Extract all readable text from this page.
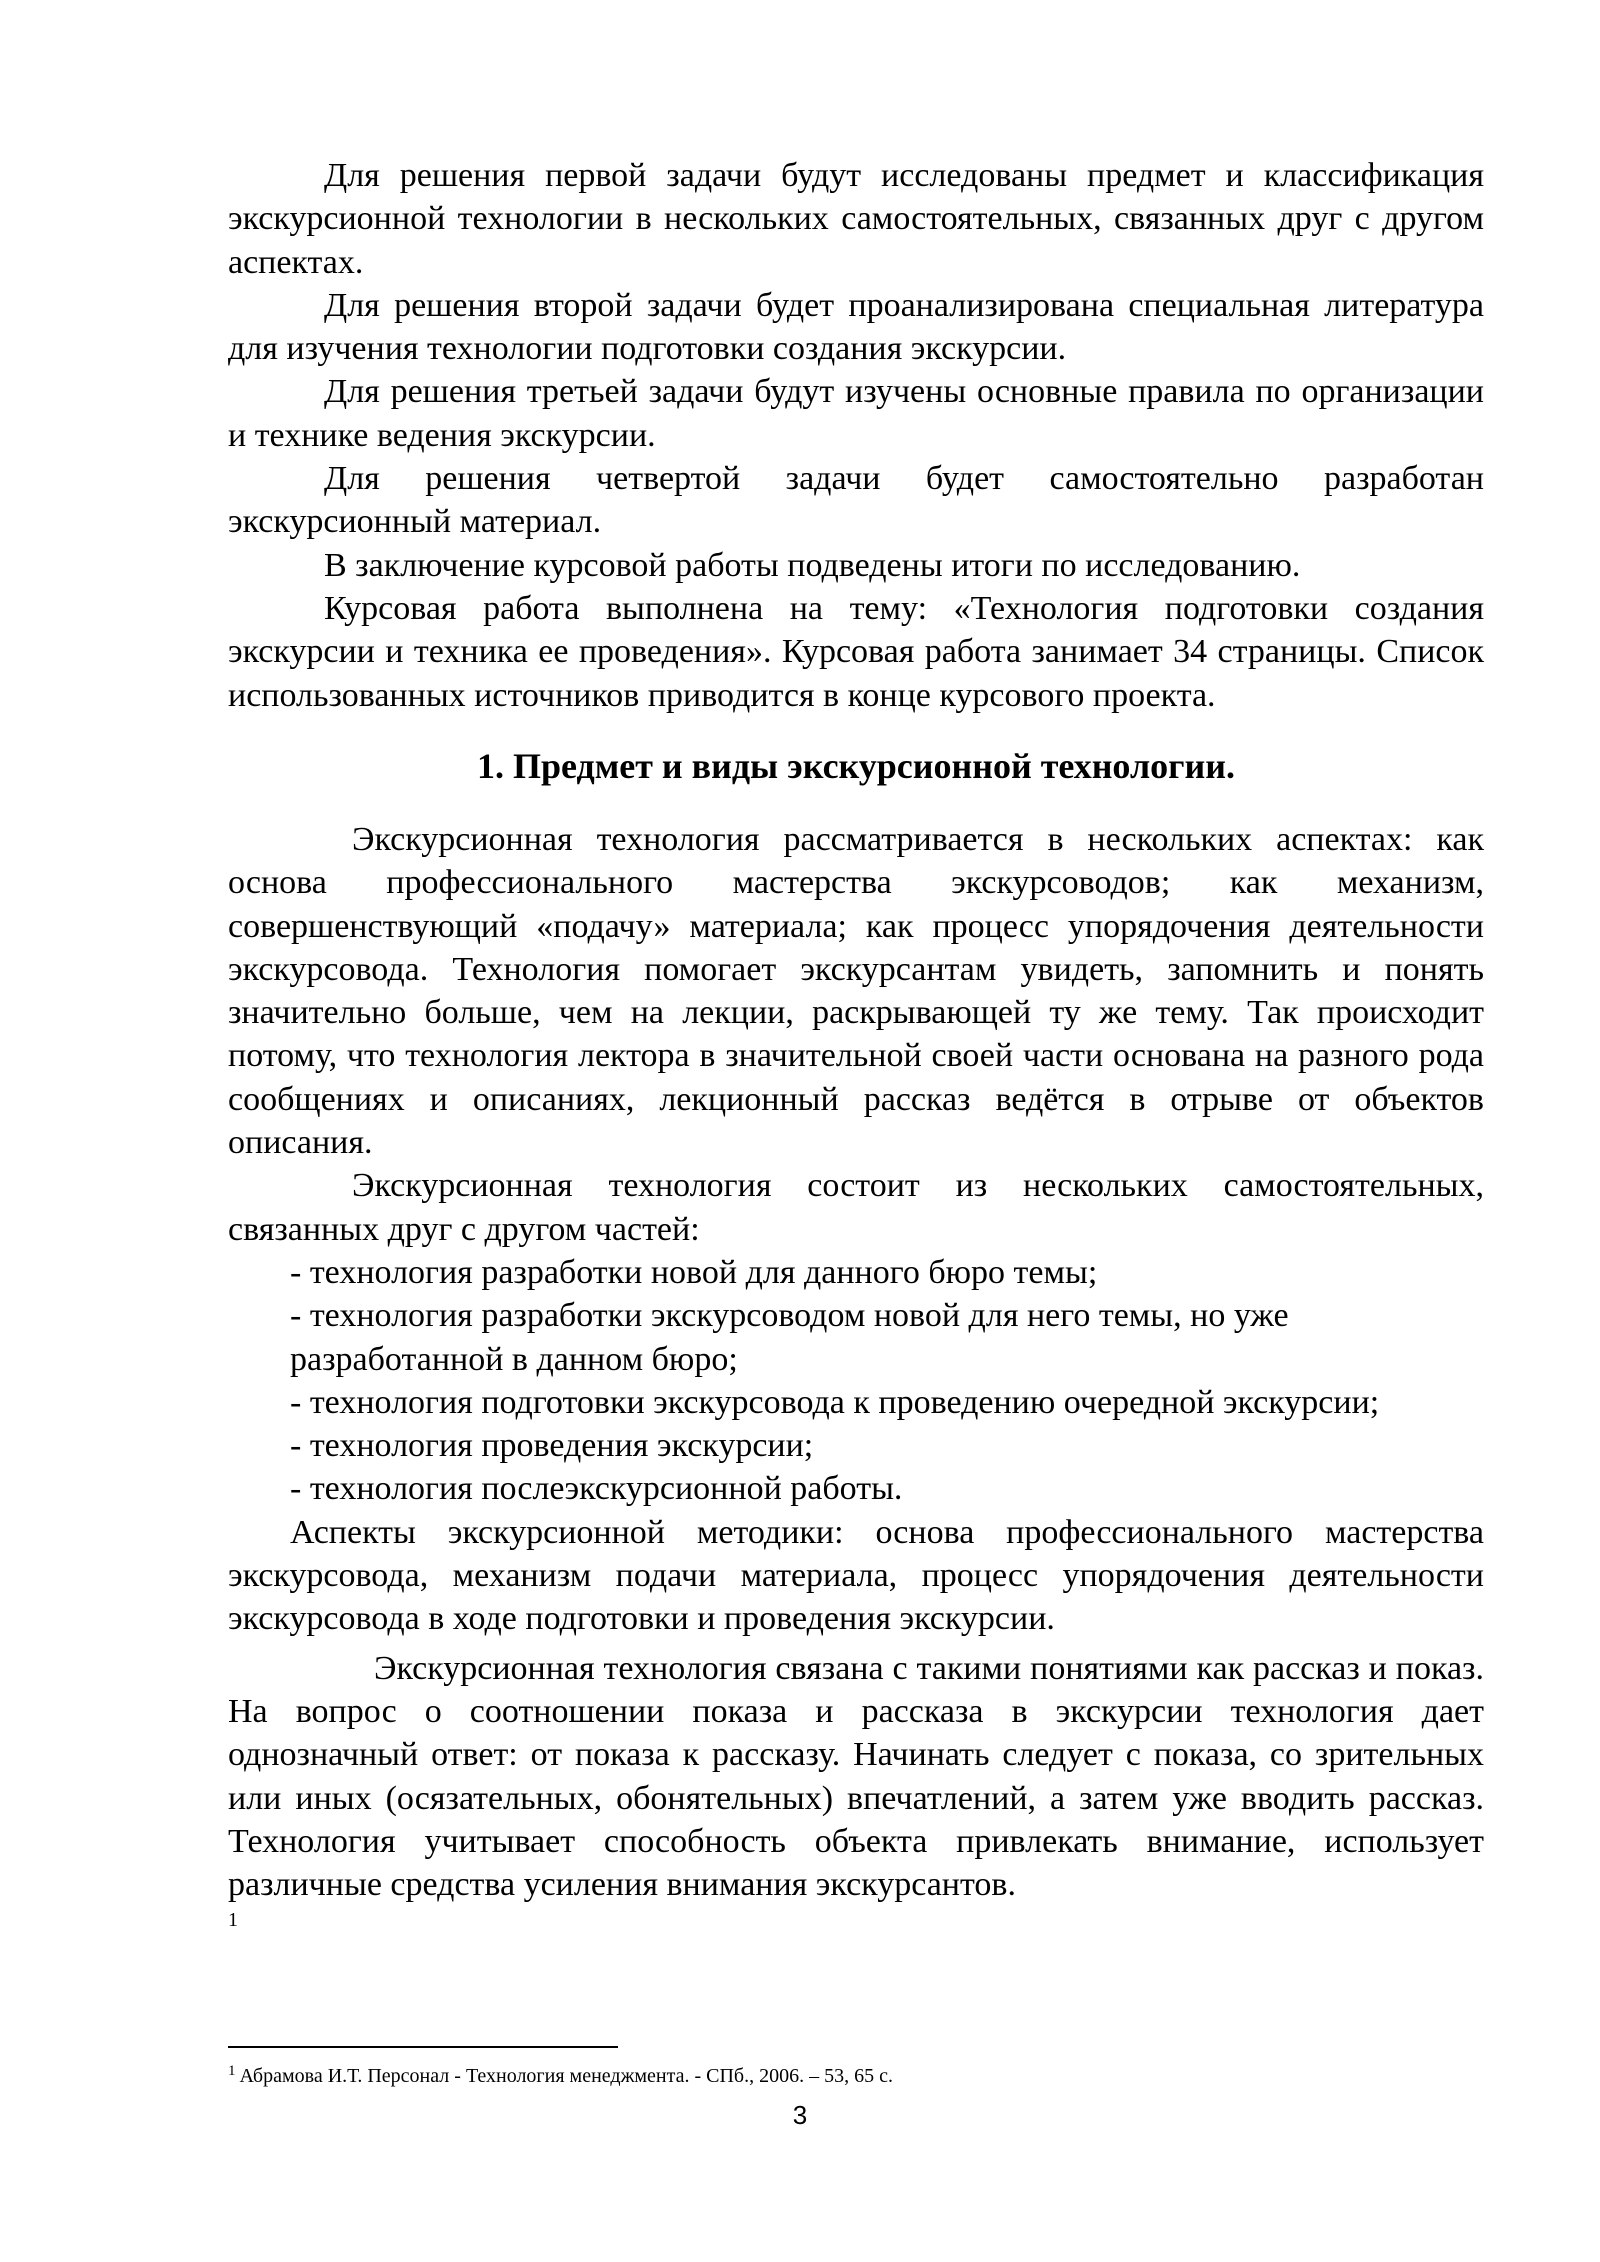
Для решения первой задачи будут исследованы предмет и классификация экскурсионной технологии в нескольких самостоятельных, связанных друг с другом аспектах.

Для решения второй задачи будет проанализирована специальная литература для изучения технологии подготовки создания экскурсии.

Для решения третьей задачи будут изучены основные правила по организации и технике ведения экскурсии.

Для решения четвертой задачи будет самостоятельно разработан экскурсионный материал.

В заключение курсовой работы подведены итоги по исследованию.

Курсовая работа выполнена на тему: «Технология подготовки создания экскурсии и техника ее проведения». Курсовая работа занимает 34 страницы. Список использованных источников приводится в конце курсового проекта.

1. Предмет и виды экскурсионной технологии.

Экскурсионная технология рассматривается в нескольких аспектах: как основа профессионального мастерства экскурсоводов; как механизм, совершенствующий «подачу» материала; как процесс упорядочения деятельности экскурсовода. Технология помогает экскурсантам увидеть, запомнить и понять значительно больше, чем на лекции, раскрывающей ту же тему. Так происходит потому, что технология лектора в значительной своей части основана на разного рода сообщениях и описаниях, лекционный рассказ ведётся в отрыве от объектов описания.

Экскурсионная технология состоит из нескольких самостоятельных, связанных друг с другом частей:

- технология разработки новой для данного бюро темы;

- технология разработки экскурсоводом новой для него темы, но уже разработанной в данном бюро;

- технология подготовки экскурсовода к проведению очередной экскурсии;

- технология проведения экскурсии;

- технология послеэкскурсионной работы.

Аспекты экскурсионной методики: основа профессионального мастерства экскурсовода, механизм подачи материала, процесс упорядочения деятельности экскурсовода в ходе подготовки и проведения экскурсии.

Экскурсионная технология связана с такими понятиями как рассказ и показ. На вопрос о соотношении показа и рассказа в экскурсии технология дает однозначный ответ: от показа к рассказу. Начинать следует с показа, со зрительных или иных (осязательных, обонятельных) впечатлений, а затем уже вводить рассказ. Технология учитывает способность объекта привлекать внимание, использует различные средства усиления внимания экскурсантов.

1
$^1$ Абрамова И.Т. Персонал - Технология менеджмента. - СПб., 2006. – 53, 65 с.
3
